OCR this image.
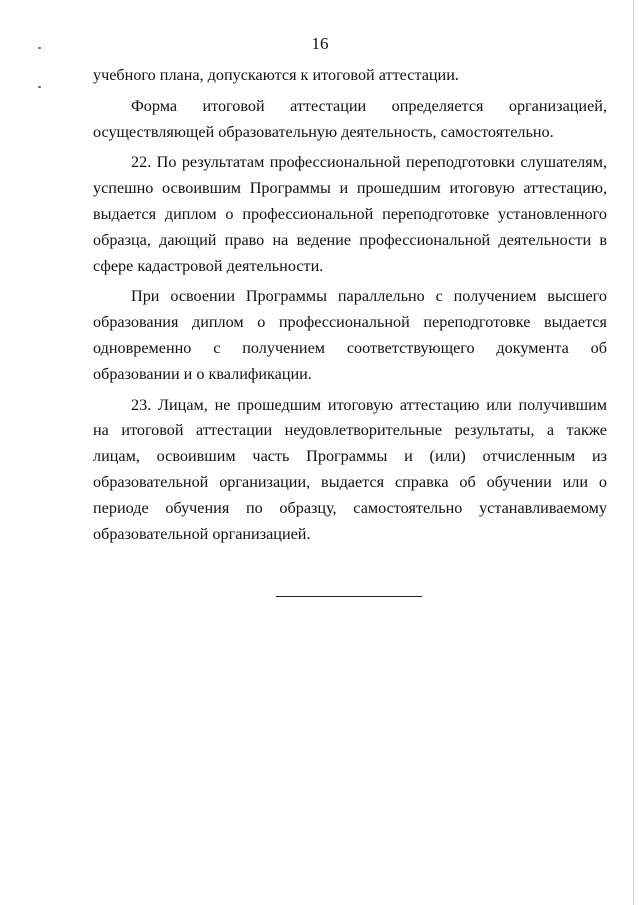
16

учебного плана, допускаются к итоговой аттестации.

Форма итоговой аттестации определяется организацией, осуществляющей образовательную деятельность, самостоятельно.

22. По результатам профессиональной переподготовки слушателям, успешно освоившим Программы и прошедшим итоговую аттестацию, выдается диплом о профессиональной переподготовке установленного образца, дающий право на ведение профессиональной деятельности в сфере кадастровой деятельности.

При освоении Программы параллельно с получением высшего образования диплом о профессиональной переподготовке выдается одновременно с получением соответствующего документа об образовании и о квалификации.

23. Лицам, не прошедшим итоговую аттестацию или получившим на итоговой аттестации неудовлетворительные результаты, а также лицам, освоившим часть Программы и (или) отчисленным из образовательной организации, выдается справка об обучении или о периоде обучения по образцу, самостоятельно устанавливаемому образовательной организацией.
